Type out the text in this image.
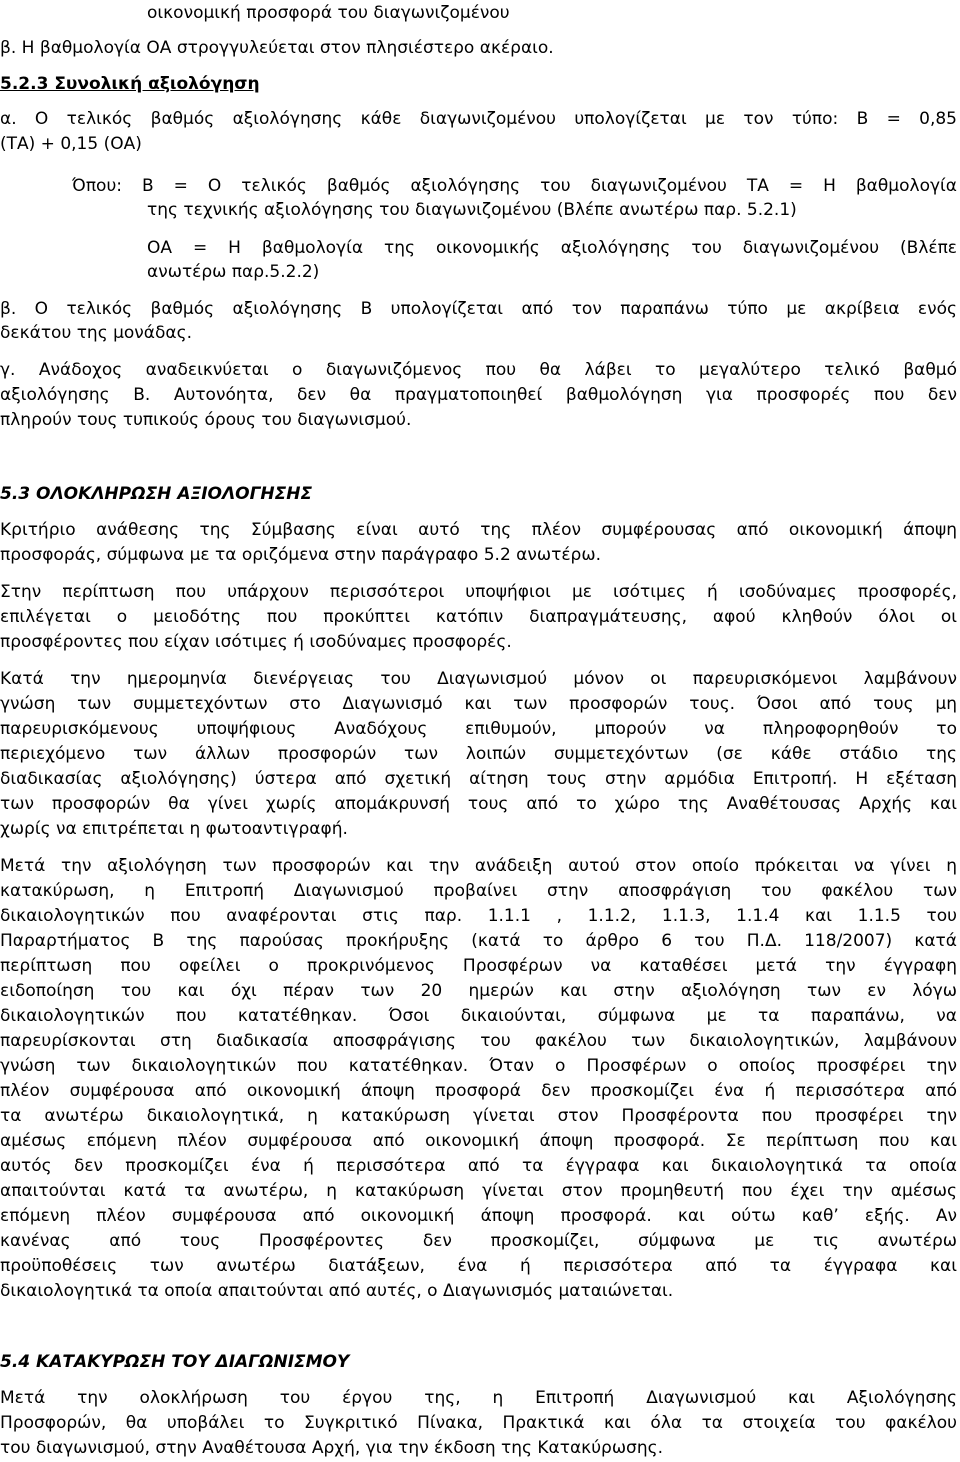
οικονομική προσφορά του διαγωνιζομένου
β. Η βαθμολογία ΟΑ στρογγυλεύεται στον πλησιέστερο ακέραιο.
5.2.3 Συνολική αξιολόγηση
α. Ο τελικός βαθμός αξιολόγησης κάθε διαγωνιζομένου υπολογίζεται με τον τύπο: Β = 0,85
(ΤΑ) + 0,15 (ΟΑ)
Όπου: Β = Ο τελικός βαθμός αξιολόγησης του διαγωνιζομένου ΤΑ = Η βαθμολογία
της τεχνικής αξιολόγησης του διαγωνιζομένου (Βλέπε ανωτέρω παρ. 5.2.1)
ΟΑ = Η βαθμολογία της οικονομικής αξιολόγησης του διαγωνιζομένου (Βλέπε
ανωτέρω παρ.5.2.2)
β. Ο τελικός βαθμός αξιολόγησης Β υπολογίζεται από τον παραπάνω τύπο με ακρίβεια ενός
δεκάτου της μονάδας.
γ. Ανάδοχος αναδεικνύεται ο διαγωνιζόμενος που θα λάβει το μεγαλύτερο τελικό βαθμό
αξιολόγησης Β. Αυτονόητα, δεν θα πραγματοποιηθεί βαθμολόγηση για προσφορές που δεν
πληρούν τους τυπικούς όρους του διαγωνισμού.
5.3 ΟΛΟΚΛΗΡΩΣΗ ΑΞΙΟΛΟΓΗΣΗΣ
Κριτήριο ανάθεσης της Σύμβασης είναι αυτό της πλέον συμφέρουσας από οικονομική άποψη
προσφοράς, σύμφωνα με τα οριζόμενα στην παράγραφο 5.2 ανωτέρω.
Στην περίπτωση που υπάρχουν περισσότεροι υποψήφιοι με ισότιμες ή ισοδύναμες προσφορές,
επιλέγεται ο μειοδότης που προκύπτει κατόπιν διαπραγμάτευσης, αφού κληθούν όλοι οι
προσφέροντες που είχαν ισότιμες ή ισοδύναμες προσφορές.
Κατά την ημερομηνία διενέργειας του Διαγωνισμού μόνον οι παρευρισκόμενοι λαμβάνουν
γνώση των συμμετεχόντων στο Διαγωνισμό και των προσφορών τους. Όσοι από τους μη
παρευρισκόμενους υποψήφιους Αναδόχους επιθυμούν, μπορούν να πληροφορηθούν το
περιεχόμενο των άλλων προσφορών των λοιπών συμμετεχόντων (σε κάθε στάδιο της
διαδικασίας αξιολόγησης) ύστερα από σχετική αίτηση τους στην αρμόδια Επιτροπή. Η εξέταση
των προσφορών θα γίνει χωρίς απομάκρυνσή τους από το χώρο της Αναθέτουσας Αρχής και
χωρίς να επιτρέπεται η φωτοαντιγραφή.
Μετά την αξιολόγηση των προσφορών και την ανάδειξη αυτού στον οποίο πρόκειται να γίνει η
κατακύρωση, η Επιτροπή Διαγωνισμού προβαίνει στην αποσφράγιση του φακέλου των
δικαιολογητικών που αναφέρονται στις παρ. 1.1.1 , 1.1.2, 1.1.3, 1.1.4 και 1.1.5 του
Παραρτήματος Β της παρούσας προκήρυξης (κατά το άρθρο 6 του Π.Δ. 118/2007) κατά
περίπτωση που οφείλει ο προκρινόμενος Προσφέρων να καταθέσει μετά την έγγραφη
ειδοποίηση του και όχι πέραν των 20 ημερών και στην αξιολόγηση των εν λόγω
δικαιολογητικών που κατατέθηκαν. Όσοι δικαιούνται, σύμφωνα με τα παραπάνω, να
παρευρίσκονται στη διαδικασία αποσφράγισης του φακέλου των δικαιολογητικών, λαμβάνουν
γνώση των δικαιολογητικών που κατατέθηκαν. Όταν ο Προσφέρων ο οποίος προσφέρει την
πλέον συμφέρουσα από οικονομική άποψη προσφορά δεν προσκομίζει ένα ή περισσότερα από
τα ανωτέρω δικαιολογητικά, η κατακύρωση γίνεται στον Προσφέροντα που προσφέρει την
αμέσως επόμενη πλέον συμφέρουσα από οικονομική άποψη προσφορά. Σε περίπτωση που και
αυτός δεν προσκομίζει ένα ή περισσότερα από τα έγγραφα και δικαιολογητικά τα οποία
απαιτούνται κατά τα ανωτέρω, η κατακύρωση γίνεται στον προμηθευτή που έχει την αμέσως
επόμενη πλέον συμφέρουσα από οικονομική άποψη προσφορά. και ούτω καθ’ εξής. Αν
κανένας από τους Προσφέροντες δεν προσκομίζει, σύμφωνα με τις ανωτέρω
προϋποθέσεις των ανωτέρω διατάξεων, ένα ή περισσότερα από τα έγγραφα και
δικαιολογητικά τα οποία απαιτούνται από αυτές, ο Διαγωνισμός ματαιώνεται.
5.4 ΚΑΤΑΚΥΡΩΣΗ ΤΟΥ ΔΙΑΓΩΝΙΣΜΟΥ
Μετά την ολοκλήρωση του έργου της, η Επιτροπή Διαγωνισμού και Αξιολόγησης
Προσφορών, θα υποβάλει το Συγκριτικό Πίνακα, Πρακτικά και όλα τα στοιχεία του φακέλου
του διαγωνισμού, στην Αναθέτουσα Αρχή, για την έκδοση της Κατακύρωσης.
